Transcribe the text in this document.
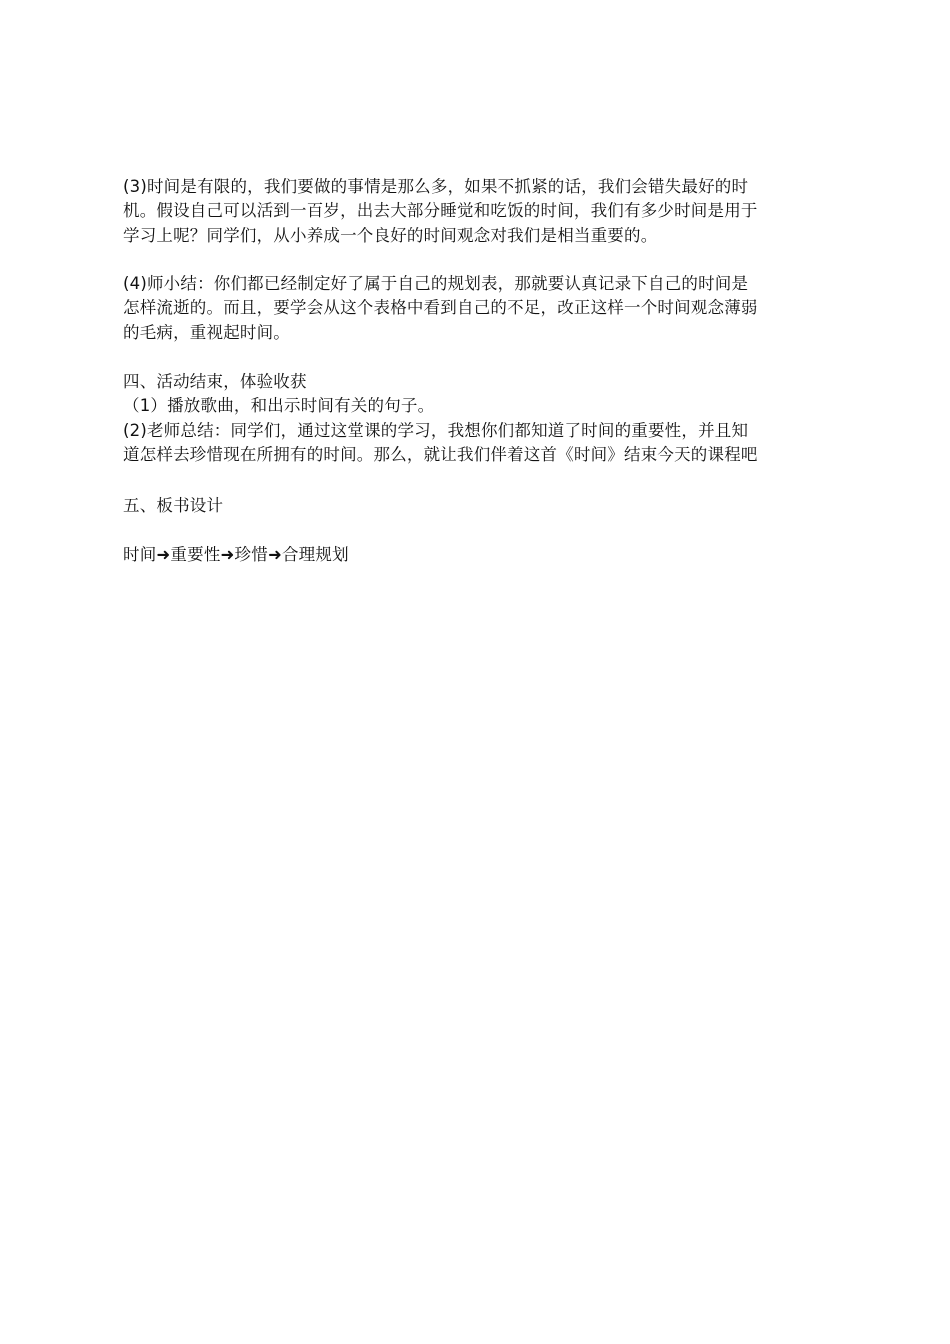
(3)时间是有限的，我们要做的事情是那么多，如果不抓紧的话，我们会错失最好的时
机。假设自己可以活到一百岁，出去大部分睡觉和吃饭的时间，我们有多少时间是用于
学习上呢？同学们，从小养成一个良好的时间观念对我们是相当重要的。
(4)师小结：你们都已经制定好了属于自己的规划表，那就要认真记录下自己的时间是
怎样流逝的。而且，要学会从这个表格中看到自己的不足，改正这样一个时间观念薄弱
的毛病，重视起时间。
四、活动结束，体验收获
（1）播放歌曲，和出示时间有关的句子。
(2)老师总结：同学们，通过这堂课的学习，我想你们都知道了时间的重要性，并且知
道怎样去珍惜现在所拥有的时间。那么，就让我们伴着这首《时间》结束今天的课程吧
五、板书设计
时间➜重要性➜珍惜➜合理规划
